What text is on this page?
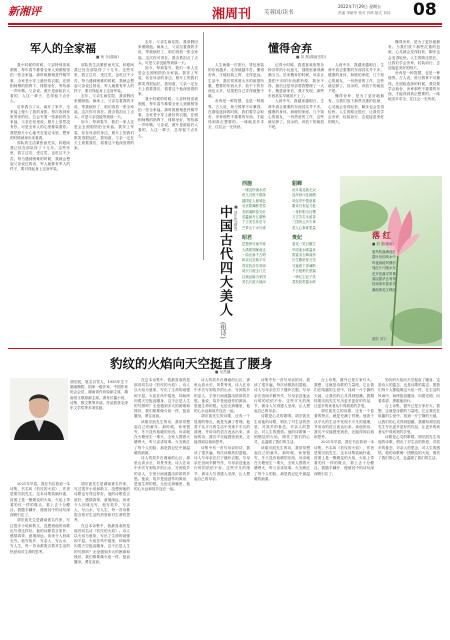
新湘评	湘周刊 芙蓉国/读书
2022年7月29日 星期五
责编 李颖华 校对 肖琦 版式 刘伟 08
军人的全家福
■ 杨 东(湖南)

我小时候的时候，父亲特别喜欢照相，每年春节都要全家人到照相馆拍一张全家福。那时候照相是件稀罕事，全家老小穿上最好的衣服，在照相师傅的指挥下，排排坐好，等待那一声咔嚓。父亲说，照片是留给后人看的，人这一辈子，总得留下点什么。

后来我当了兵，离开了家乡，全家福上便少了我的身影。每次收到家里寄来的信，总会夹着一张新拍的全家福，父亲在信里说，照片上虽然没有你，可是全家人的心里都装着你。我把照片小心地夹在笔记本里，想家的时候就拿出来看看。

部队的生活紧张而充实，转眼间我已经在部队待了十几年。这些年里，我立过功，受过奖，也吃过不少苦。每当遇到困难的时候，我就会想起父亲说过的话，军人就要有军人的样子，要对得起身上这身军装。

部队的生活紧张而充实，转眼间我已经在部队待了十几年。这些年里，我立过功，受过奖，也吃过不少苦。每当遇到困难的时候，我就会想起父亲说过的话，军人就要有军人的样子，要对得起身上这身军装。

去年，父亲生病住院，我请假回家照顾他。病床上，父亲拉着我的手说，等我病好了，咱们再拍一张全家福，这次你可得在。我含着泪点了点头。可是父亲没能等到那一天。

如今，每到春节，我们一家人还是会去照相馆拍全家福。我穿上军装，站在母亲的身边，照片上的我们都笑得很灿烂。我知道，父亲一定在天上看着我们，看着这个他深爱着的家。

去年，父亲生病住院，我请假回家照顾他。病床上，父亲拉着我的手说，等我病好了，咱们再拍一张全家福，这次你可得在。我含着泪点了点头。可是父亲没能等到那一天。

如今，每到春节，我们一家人还是会去照相馆拍全家福。我穿上军装，站在母亲的身边，照片上的我们都笑得很灿烂。我知道，父亲一定在天上看着我们，看着这个他深爱着的家。

我小时候的时候，父亲特别喜欢照相，每年春节都要全家人到照相馆拍一张全家福。那时候照相是件稀罕事，全家老小穿上最好的衣服，在照相师傅的指挥下，排排坐好，等待那一声咔嚓。父亲说，照片是留给后人看的，人这一辈子，总得留下点什么。

懂得舍弃
■ 刘 燕(湖南岳阳)

人生就像一次旅行，背包里装的东西越多，走得就越辛苦。懂得舍弃，才能轻装上阵，走得更远。生活中，我们常常被太多的欲望所累，想要的东西太多，放不下的东西也太多，结果把自己弄得疲惫不堪。

舍弃是一种智慧，也是一种境界。古人说，鱼与熊掌不可兼得。在面临选择的时候，我们要学会取舍，舍弃那些不重要的东西，才能得到真正想要的。一味地贪多求全，往往会一无所获。

记得小时候，我很喜欢收集各种各样的小玩意儿，抽屉里塞得满满当当。后来搬家的时候，母亲让我把不用的东西都扔掉，我舍不得，最后还是母亲帮我整理了一大半。搬进新家后，我才发现，那些东西其实早就用不上了。

人到中年，我越来越明白，生命中真正重要的东西其实并不多。健康的身体，和睦的家庭，几个知心的朋友，一份热爱的工作，这些就足够了。其余的，该放下的就放下吧。

人到中年，我越来越明白，生命中真正重要的东西其实并不多。健康的身体，和睦的家庭，几个知心的朋友，一份热爱的工作，这些就足够了。其余的，该放下的就放下吧。

懂得舍弃，是为了更好地拥有。当我们放下那些沉重的包袱，心灵就会变得轻松，脚步也会变得轻快。人生的路还很长，让我们学会舍弃，轻装前行，去迎接更美好的明天。

懂得舍弃，是为了更好地拥有。当我们放下那些沉重的包袱，心灵就会变得轻松，脚步也会变得轻快。人生的路还很长，让我们学会舍弃，轻装前行，去迎接更美好的明天。

舍弃是一种智慧，也是一种境界。古人说，鱼与熊掌不可兼得。在面临选择的时候，我们要学会取舍，舍弃那些不重要的东西，才能得到真正想要的。一味地贪多求全，往往会一无所获。

中国古代四大美人
(组诗)
■ 刘宏伟(湖南)
西施
一缕浣纱溪水清
鱼儿沉底不敢游
越国佳人倾城色
吴宫歌舞醉君侯
若耶溪畔春光好
范蠡扁舟五湖秋
千古美名传至今
苎萝山下水长流
昭君
琵琶弹尽塞外寒
大漠孤烟雁南还
一曲出塞千古唱
和亲汉宫换平安
青冢犹存芳草绿
胡天月照玉门关
红颜远嫁为家国
美名长留天地间
貂蝉
闭月羞花貌无双
连环妙计乱朝纲
凤仪亭中情意重
董卓吕布起刀枪
一身肝胆为社稷
万古芳名永留香
三国风云多少事
美人心事谁思量
贵妃
羞花一笑百媚生
华清池水暖温泉
霓裳羽衣舞曲妙
长生殿里誓言坚
马嵬坡下香魂断
千古绝唱长恨篇
一骑红尘妃子笑
荔枝犹带露水鲜
落 红
■ 刘 燕(湖南)
夏风吹落满池红
碧叶田田映水中
昨夜雨疏风骤后
残红片片随水东
花开花落寻常事
莫叹韶华去匆匆
待到来年春来早
满池荷花又映红
摄影 刘宇
豹纹的火焰向天空挺直了腰身
■ 吴昌镛
胡宗凯，笔名百雪人，1955年生于湖南衡阳，国家一级作家，中国作家协会会员，湖南省作协原副主席、湖南省文联原副主席。著有长篇小说、诗集、散文集等多部。作品曾获毛泽东文学奖等多项奖励。

2021年早春，我在书店看到一本诗集，书名叫《豹纹的火焰》，作者是胡宗凯先生。这本诗集装帧朴素，封面上是一簇燃烧的火焰，火焰上带着豹纹一样的斑点，看上去十分醒目。我随手翻开，便被其中的诗句深深吸引住了。

胡宗凯先生是湖南著名作家，写过很多小说和散文，没想到他的诗歌也写得这样好。他的诗歌语言质朴，感情真挚，意境深远，读来令人回味无穷。他写故乡，写亲人，写山水，写人生，每一首诗都饱含着对生活的热爱和对生命的思考。

胡宗凯先生是湖南著名作家，写过很多小说和散文，没想到他的诗歌也写得这样好。他的诗歌语言质朴，感情真挚，意境深远，读来令人回味无穷。他写故乡，写亲人，写山水，写人生，每一首诗都饱含着对生活的热爱和对生命的思考。

在这本诗集中，我最喜欢的是那首同名诗《豹纹的火焰》。诗人以火焰为意象，写出了生命的顽强和不屈。火焰在风中摇曳，却始终向着天空挺直腰身，这不正是人生的写照吗？无论遇到多大的困难和挫折，我们都要像火焰一样，挺直腰身，勇往直前。

在这本诗集中，我最喜欢的是那首同名诗《豹纹的火焰》。诗人以火焰为意象，写出了生命的顽强和不屈。火焰在风中摇曳，却始终向着天空挺直腰身，这不正是人生的写照吗？无论遇到多大的困难和挫折，我们都要像火焰一样，挺直腰身，勇往直前。

读胡宗凯先生的诗，我常常想起自己的童年。那时候，家里很穷，冬天没有取暖的东西，母亲就在火塘里生一堆火，全家人围着火塘烤火，听父亲讲故事。火光映红了每个人的脸，那是我记忆中最温暖的画面。

诗人的故乡在湘南的山区，那里山高水长，风景秀美。诗人在诗中多次写到故乡的山水，写到故乡的亲人，字里行间流露出浓浓的乡愁。他说，故乡是他创作的源泉，是他生命的根。无论走到哪里，他的心永远和故乡连在一起。

诗人的故乡在湘南的山区，那里山高水长，风景秀美。诗人在诗中多次写到故乡的山水，写到故乡的亲人，字里行间流露出浓浓的乡愁。他说，故乡是他创作的源泉，是他生命的根。无论走到哪里，他的心永远和故乡连在一起。

胡宗凯先生的诗歌，还有一个显著的特点，就是充满了哲理。他善于从平凡的生活中发现不平凡的道理，并用诗的语言表达出来。读他的诗，我们不仅能感受到美，还能得到启迪和思考。

诗集中有一首写母亲的诗，我读了很多遍，每次读都热泪盈眶。诗人写母亲在灯下缝补衣服，写母亲在田间辛勤劳作，写母亲送他远行时的依依不舍。这些平凡的细节，被诗人写得感人至深，让人想起自己的母亲。

诗集中有一首写母亲的诗，我读了很多遍，每次读都热泪盈眶。诗人写母亲在灯下缝补衣服，写母亲在田间辛勤劳作，写母亲送他远行时的依依不舍。这些平凡的细节，被诗人写得感人至深，让人想起自己的母亲。

诗歌是心灵的歌唱。胡宗凯先生用他的诗歌，唱出了对生活的热爱，对故乡的眷恋，对亲人的思念，对人生的感悟。他的诗歌像一团燃烧的火焰，照亮了我们的心灵，也温暖了我们的生活。

读胡宗凯先生的诗，我常常想起自己的童年。那时候，家里很穷，冬天没有取暖的东西，母亲就在火塘里生一堆火，全家人围着火塘烤火，听父亲讲故事。火光映红了每个人的脸，那是我记忆中最温暖的画面。

合上诗集，窗外已是万家灯火。我想，这就是诗歌的力量吧。它让我们在喧嚣的尘世中，找到一片宁静的天地，让我们的心灵得到慰藉。我期待胡宗凯先生写出更多更好的作品，让更多的读者从中得到美的享受。

胡宗凯先生的诗歌，还有一个显著的特点，就是充满了哲理。他善于从平凡的生活中发现不平凡的道理，并用诗的语言表达出来。读他的诗，我们不仅能感受到美，还能得到启迪和思考。

2021年早春，我在书店看到一本诗集，书名叫《豹纹的火焰》，作者是胡宗凯先生。这本诗集装帧朴素，封面上是一簇燃烧的火焰，火焰上带着豹纹一样的斑点，看上去十分醒目。我随手翻开，便被其中的诗句深深吸引住了。

豹纹的火焰向天空挺直了腰身，这是诗人的姿态，也是诗歌的姿态。愿我们每个人都能像这火焰一样，在生活的风雨中，始终挺直腰身，向着光明，向着希望，勇敢地前行。

合上诗集，窗外已是万家灯火。我想，这就是诗歌的力量吧。它让我们在喧嚣的尘世中，找到一片宁静的天地，让我们的心灵得到慰藉。我期待胡宗凯先生写出更多更好的作品，让更多的读者从中得到美的享受。

诗歌是心灵的歌唱。胡宗凯先生用他的诗歌，唱出了对生活的热爱，对故乡的眷恋，对亲人的思念，对人生的感悟。他的诗歌像一团燃烧的火焰，照亮了我们的心灵，也温暖了我们的生活。
